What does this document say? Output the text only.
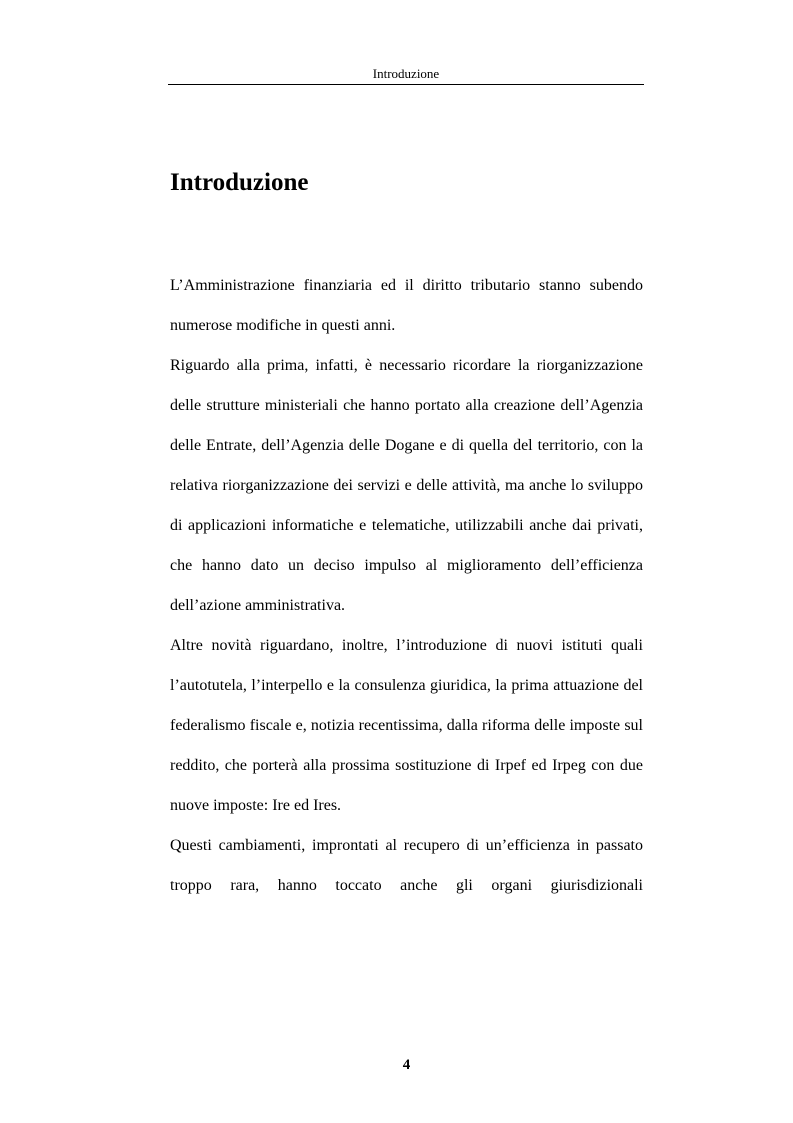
Introduzione
Introduzione

L’Amministrazione finanziaria ed il diritto tributario stanno subendo numerose modifiche in questi anni.

Riguardo alla prima, infatti, è necessario ricordare la riorganizzazione delle strutture ministeriali che hanno portato alla creazione dell’Agenzia delle Entrate, dell’Agenzia delle Dogane e di quella del territorio, con la relativa riorganizzazione dei servizi e delle attività, ma anche lo sviluppo di applicazioni informatiche e telematiche, utilizzabili anche dai privati, che hanno dato un deciso impulso al miglioramento dell’efficienza dell’azione amministrativa.

Altre novità riguardano, inoltre, l’introduzione di nuovi istituti quali l’autotutela, l’interpello e la consulenza giuridica, la prima attuazione del federalismo fiscale e, notizia recentissima, dalla riforma delle imposte sul reddito, che porterà alla prossima sostituzione di Irpef ed Irpeg con due nuove imposte: Ire ed Ires.

Questi cambiamenti, improntati al recupero di un’efficienza in passato troppo rara, hanno toccato anche gli organi giurisdizionali

4
